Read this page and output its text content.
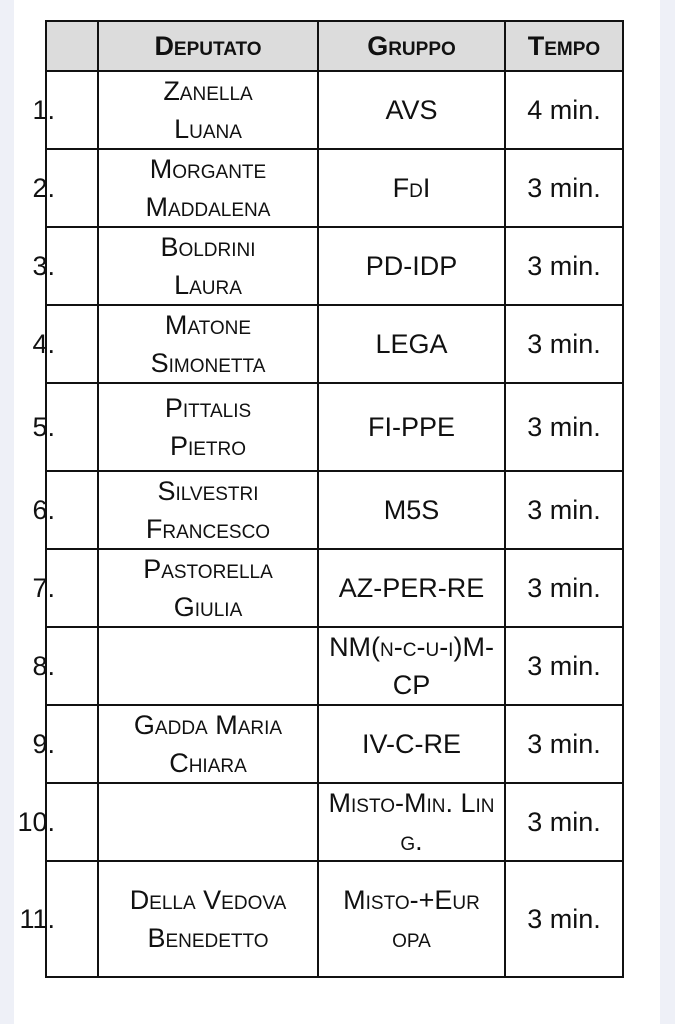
	Deputato	Gruppo	Tempo

1.	Zanella Luana	AVS	4 min.

2.	Morgante Maddalena	FdI	3 min.

3.	Boldrini Laura	PD-IDP	3 min.

4.	Matone Simonetta	LEGA	3 min.

5.	Pittalis Pietro	FI-PPE	3 min.

6.	Silvestri Francesco	M5S	3 min.

7.	Pastorella Giulia	AZ-PER-RE	3 min.

8.		NM(n-c-u-i)M-CP	3 min.

9.	Gadda Maria Chiara	IV-C-RE	3 min.

10.		Misto-Min. Ling.	3 min.

11.	Della Vedova Benedetto	Misto-+Europa	3 min.
